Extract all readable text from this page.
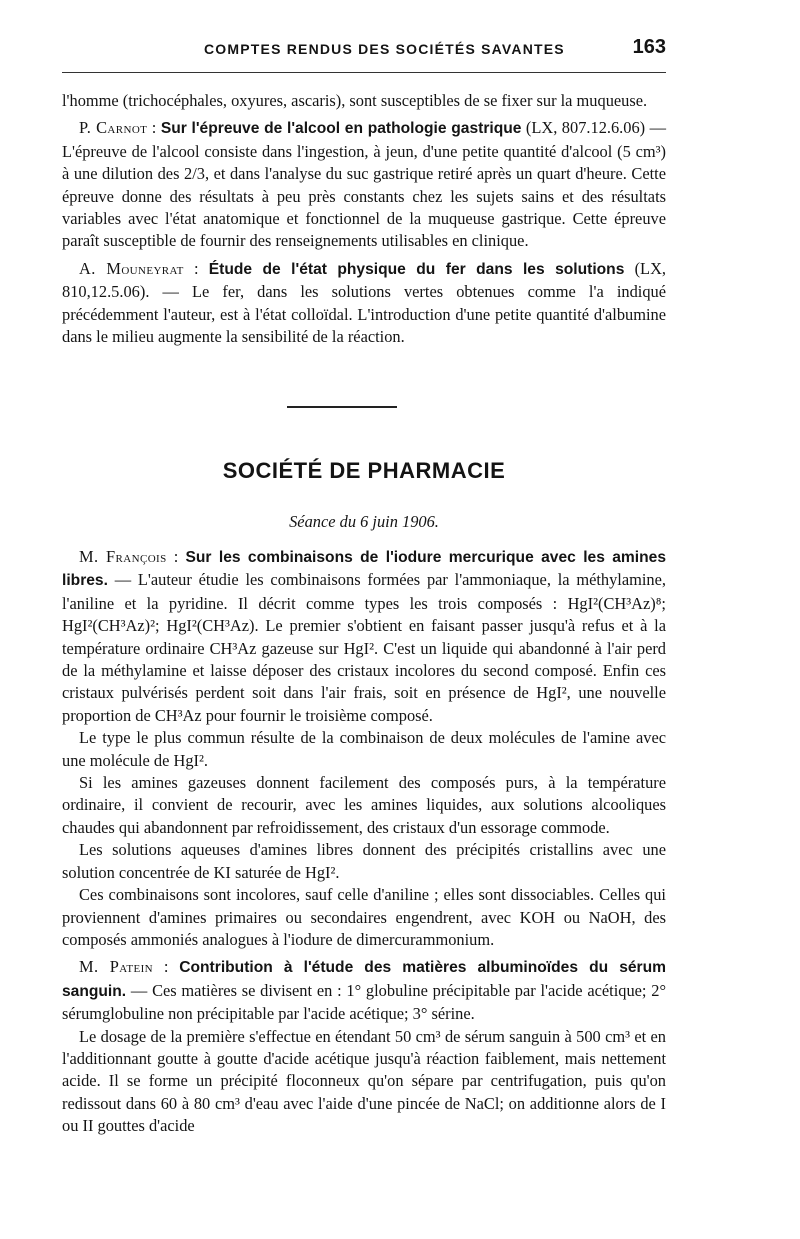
COMPTES RENDUS DES SOCIÉTÉS SAVANTES	163

l'homme (trichocéphales, oxyures, ascaris), sont susceptibles de se fixer sur la muqueuse.

P. Carnot : Sur l'épreuve de l'alcool en pathologie gastrique (LX, 807.12.6.06) — L'épreuve de l'alcool consiste dans l'ingestion, à jeun, d'une petite quantité d'alcool (5 cm³) à une dilution des 2/3, et dans l'analyse du suc gastrique retiré après un quart d'heure. Cette épreuve donne des résultats à peu près constants chez les sujets sains et des résultats variables avec l'état anatomique et fonctionnel de la muqueuse gastrique. Cette épreuve paraît susceptible de fournir des renseignements utilisables en clinique.

A. Mouneyrat : Étude de l'état physique du fer dans les solutions (LX, 810,12.5.06). — Le fer, dans les solutions vertes obtenues comme l'a indiqué précédemment l'auteur, est à l'état colloïdal. L'introduction d'une petite quantité d'albumine dans le milieu augmente la sensibilité de la réaction.

SOCIÉTÉ DE PHARMACIE
Séance du 6 juin 1906.

M. François : Sur les combinaisons de l'iodure mercurique avec les amines libres. — L'auteur étudie les combinaisons formées par l'ammoniaque, la méthylamine, l'aniline et la pyridine. Il décrit comme types les trois composés : HgI²(CH³Az)⁸; HgI²(CH³Az)²; HgI²(CH³Az). Le premier s'obtient en faisant passer jusqu'à refus et à la température ordinaire CH³Az gazeuse sur HgI². C'est un liquide qui abandonné à l'air perd de la méthylamine et laisse déposer des cristaux incolores du second composé. Enfin ces cristaux pulvérisés perdent soit dans l'air frais, soit en présence de HgI², une nouvelle proportion de CH³Az pour fournir le troisième composé.

Le type le plus commun résulte de la combinaison de deux molécules de l'amine avec une molécule de HgI².

Si les amines gazeuses donnent facilement des composés purs, à la température ordinaire, il convient de recourir, avec les amines liquides, aux solutions alcooliques chaudes qui abandonnent par refroidissement, des cristaux d'un essorage commode.

Les solutions aqueuses d'amines libres donnent des précipités cristallins avec une solution concentrée de KI saturée de HgI².

Ces combinaisons sont incolores, sauf celle d'aniline ; elles sont dissociables. Celles qui proviennent d'amines primaires ou secondaires engendrent, avec KOH ou NaOH, des composés ammoniés analogues à l'iodure de dimercurammonium.

M. Patein : Contribution à l'étude des matières albuminoïdes du sérum sanguin. — Ces matières se divisent en : 1° globuline précipitable par l'acide acétique; 2° sérumglobuline non précipitable par l'acide acétique; 3° sérine.

Le dosage de la première s'effectue en étendant 50 cm³ de sérum sanguin à 500 cm³ et en l'additionnant goutte à goutte d'acide acétique jusqu'à réaction faiblement, mais nettement acide. Il se forme un précipité floconneux qu'on sépare par centrifugation, puis qu'on redissout dans 60 à 80 cm³ d'eau avec l'aide d'une pincée de NaCl; on additionne alors de I ou II gouttes d'acide
